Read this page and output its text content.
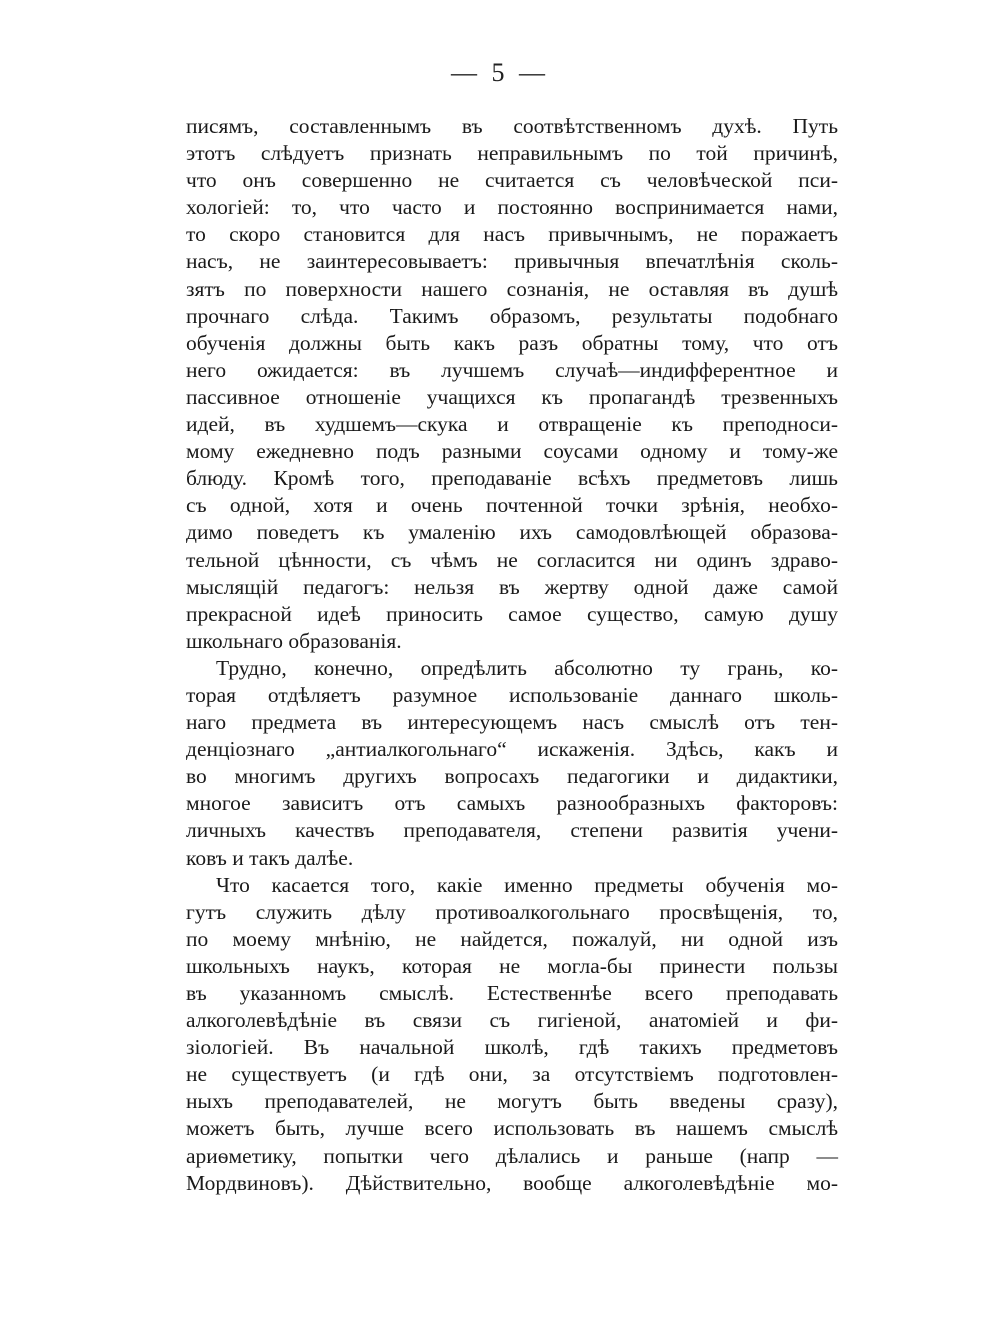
— 5 —
писямъ, составленнымъ въ соотвѣтственномъ духѣ. Путь
этотъ слѣдуетъ признать неправильнымъ по той причинѣ,
что онъ совершенно не считается съ человѣческой пси-
хологіей: то, что часто и постоянно воспринимается нами,
то скоро становится для насъ привычнымъ, не поражаетъ
насъ, не заинтересовываетъ: привычныя впечатлѣнія сколь-
зятъ по поверхности нашего сознанія, не оставляя въ душѣ
прочнаго слѣда. Такимъ образомъ, результаты подобнаго
обученія должны быть какъ разъ обратны тому, что отъ
него ожидается: въ лучшемъ случаѣ—индифферентное и
пассивное отношеніе учащихся къ пропагандѣ трезвенныхъ
идей, въ худшемъ—скука и отвращеніе къ преподноси-
мому ежедневно подъ разными соусами одному и тому-же
блюду. Кромѣ того, преподаваніе всѣхъ предметовъ лишь
съ одной, хотя и очень почтенной точки зрѣнія, необхо-
димо поведетъ къ умаленію ихъ самодовлѣющей образова-
тельной цѣнности, съ чѣмъ не согласится ни одинъ здраво-
мыслящій педагогъ: нельзя въ жертву одной даже самой
прекрасной идеѣ приносить самое существо, самую душу
школьнаго образованія.
Трудно, конечно, опредѣлить абсолютно ту грань, ко-
торая отдѣляетъ разумное использованіе даннаго школь-
наго предмета въ интересующемъ насъ смыслѣ отъ тен-
денціознаго „антиалкогольнаго“ искаженія. Здѣсь, какъ и
во многимъ другихъ вопросахъ педагогики и дидактики,
многое зависитъ отъ самыхъ разнообразныхъ факторовъ:
личныхъ качествъ преподавателя, степени развитія учени-
ковъ и такъ далѣе.
Что касается того, какіе именно предметы обученія мо-
гутъ служить дѣлу противоалкогольнаго просвѣщенія, то,
по моему мнѣнію, не найдется, пожалуй, ни одной изъ
школьныхъ наукъ, которая не могла-бы принести пользы
въ указанномъ смыслѣ. Естественнѣе всего преподавать
алкоголевѣдѣніе въ связи съ гигіеной, анатоміей и фи-
зіологіей. Въ начальной школѣ, гдѣ такихъ предметовъ
не существуетъ (и гдѣ они, за отсутствіемъ подготовлен-
ныхъ преподавателей, не могутъ быть введены сразу),
можетъ быть, лучше всего использовать въ нашемъ смыслѣ
ариѳметику, попытки чего дѣлались и раньше (напр —
Мордвиновъ). Дѣйствительно, вообще алкоголевѣдѣніе мо-
